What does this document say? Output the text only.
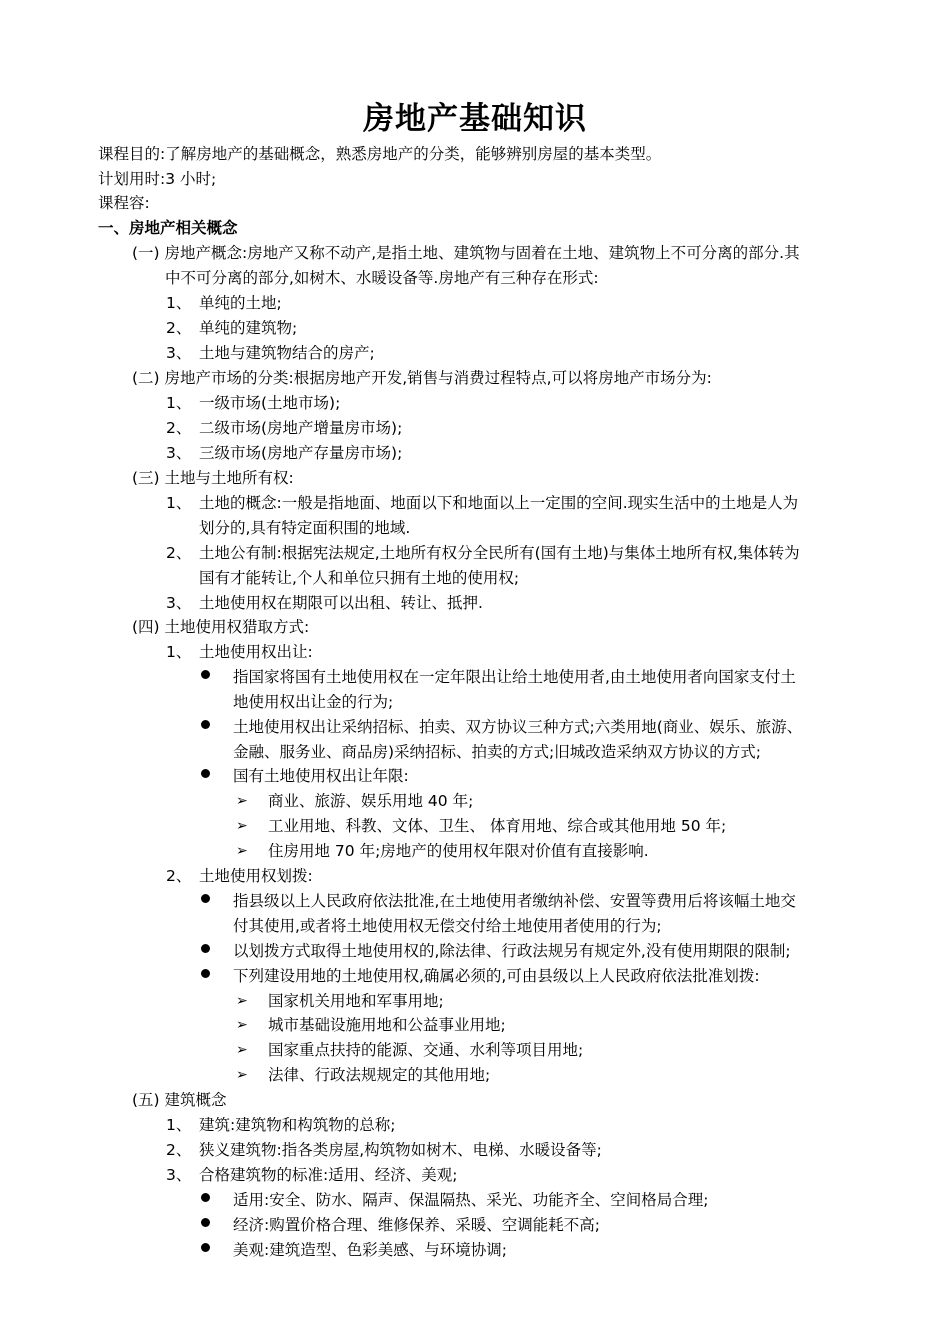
房地产基础知识
课程目的:了解房地产的基础概念，熟悉房地产的分类，能够辨别房屋的基本类型。
计划用时:3 小时;
课程容:
一、房地产相关概念
(一) 房地产概念:房地产又称不动产,是指土地、建筑物与固着在土地、建筑物上不可分离的部分.其
中不可分离的部分,如树木、水暖设备等.房地产有三种存在形式:
1、 单纯的土地;
2、 单纯的建筑物;
3、 土地与建筑物结合的房产;
(二) 房地产市场的分类:根据房地产开发,销售与消费过程特点,可以将房地产市场分为:
1、 一级市场(土地市场);
2、 二级市场(房地产增量房市场);
3、 三级市场(房地产存量房市场);
(三) 土地与土地所有权:
1、 土地的概念:一般是指地面、地面以下和地面以上一定围的空间.现实生活中的土地是人为
划分的,具有特定面积围的地域.
2、 土地公有制:根据宪法规定,土地所有权分全民所有(国有土地)与集体土地所有权,集体转为
国有才能转让,个人和单位只拥有土地的使用权;
3、 土地使用权在期限可以出租、转让、抵押.
(四) 土地使用权猎取方式:
1、 土地使用权出让:
指国家将国有土地使用权在一定年限出让给土地使用者,由土地使用者向国家支付土
地使用权出让金的行为;
土地使用权出让采纳招标、拍卖、双方协议三种方式;六类用地(商业、娱乐、旅游、
金融、服务业、商品房)采纳招标、拍卖的方式;旧城改造采纳双方协议的方式;
国有土地使用权出让年限:
➢ 商业、旅游、娱乐用地 40 年;
➢ 工业用地、科教、文体、卫生、 体育用地、综合或其他用地 50 年;
➢ 住房用地 70 年;房地产的使用权年限对价值有直接影响.
2、 土地使用权划拨:
指县级以上人民政府依法批准,在土地使用者缴纳补偿、安置等费用后将该幅土地交
付其使用,或者将土地使用权无偿交付给土地使用者使用的行为;
以划拨方式取得土地使用权的,除法律、行政法规另有规定外,没有使用期限的限制;
下列建设用地的土地使用权,确属必须的,可由县级以上人民政府依法批准划拨:
➢ 国家机关用地和军事用地;
➢ 城市基础设施用地和公益事业用地;
➢ 国家重点扶持的能源、交通、水利等项目用地;
➢ 法律、行政法规规定的其他用地;
(五) 建筑概念
1、 建筑:建筑物和构筑物的总称;
2、 狭义建筑物:指各类房屋,构筑物如树木、电梯、水暖设备等;
3、 合格建筑物的标准:适用、经济、美观;
适用:安全、防水、隔声、保温隔热、采光、功能齐全、空间格局合理;
经济:购置价格合理、维修保养、采暖、空调能耗不高;
美观:建筑造型、色彩美感、与环境协调;
